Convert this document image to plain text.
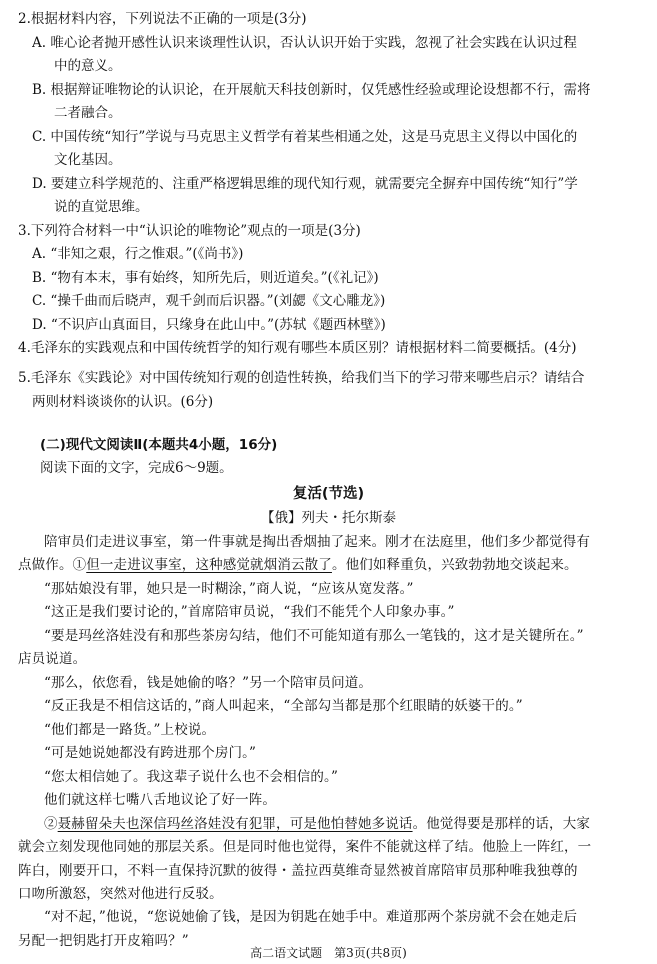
2.根据材料内容，下列说法不正确的一项是(3分)
A. 唯心论者抛开感性认识来谈理性认识，否认认识开始于实践，忽视了社会实践在认识过程
中的意义。
B. 根据辩证唯物论的认识论，在开展航天科技创新时，仅凭感性经验或理论设想都不行，需将
二者融合。
C. 中国传统“知行”学说与马克思主义哲学有着某些相通之处，这是马克思主义得以中国化的
文化基因。
D. 要建立科学规范的、注重严格逻辑思维的现代知行观，就需要完全摒弃中国传统“知行”学
说的直觉思维。
3.下列符合材料一中“认识论的唯物论”观点的一项是(3分)
A. “非知之艰，行之惟艰。”(《尚书》)
B. “物有本末，事有始终，知所先后，则近道矣。”(《礼记》)
C. “操千曲而后晓声，观千剑而后识器。”(刘勰《文心雕龙》)
D. “不识庐山真面目，只缘身在此山中。”(苏轼《题西林壁》)
4.毛泽东的实践观点和中国传统哲学的知行观有哪些本质区别？请根据材料二简要概括。(4分)
5.毛泽东《实践论》对中国传统知行观的创造性转换，给我们当下的学习带来哪些启示？请结合
两则材料谈谈你的认识。(6分)
(二)现代文阅读Ⅱ(本题共4小题，16分)
阅读下面的文字，完成6～9题。
复活(节选)
【俄】列夫・托尔斯泰
陪审员们走进议事室，第一件事就是掏出香烟抽了起来。刚才在法庭里，他们多少都觉得有
点做作。①但一走进议事室，这种感觉就烟消云散了。他们如释重负，兴致勃勃地交谈起来。
“那姑娘没有罪，她只是一时糊涂，”商人说，“应该从宽发落。”
“这正是我们要讨论的，”首席陪审员说，“我们不能凭个人印象办事。”
“要是玛丝洛娃没有和那些茶房勾结，他们不可能知道有那么一笔钱的，这才是关键所在。”
店员说道。
“那么，依您看，钱是她偷的咯？”另一个陪审员问道。
“反正我是不相信这话的，”商人叫起来，“全部勾当都是那个红眼睛的妖婆干的。”
“他们都是一路货。”上校说。
“可是她说她都没有跨进那个房门。”
“您太相信她了。我这辈子说什么也不会相信的。”
他们就这样七嘴八舌地议论了好一阵。
②聂赫留朵夫也深信玛丝洛娃没有犯罪，可是他怕替她多说话。他觉得要是那样的话，大家
就会立刻发现他同她的那层关系。但是同时他也觉得，案件不能就这样了结。他脸上一阵红，一
阵白，刚要开口，不料一直保持沉默的彼得・盖拉西莫维奇显然被首席陪审员那种唯我独尊的
口吻所激怒，突然对他进行反驳。
“对不起，”他说，“您说她偷了钱，是因为钥匙在她手中。难道那两个茶房就不会在她走后
另配一把钥匙打开皮箱吗？”
高二语文试题　第3页(共8页)
